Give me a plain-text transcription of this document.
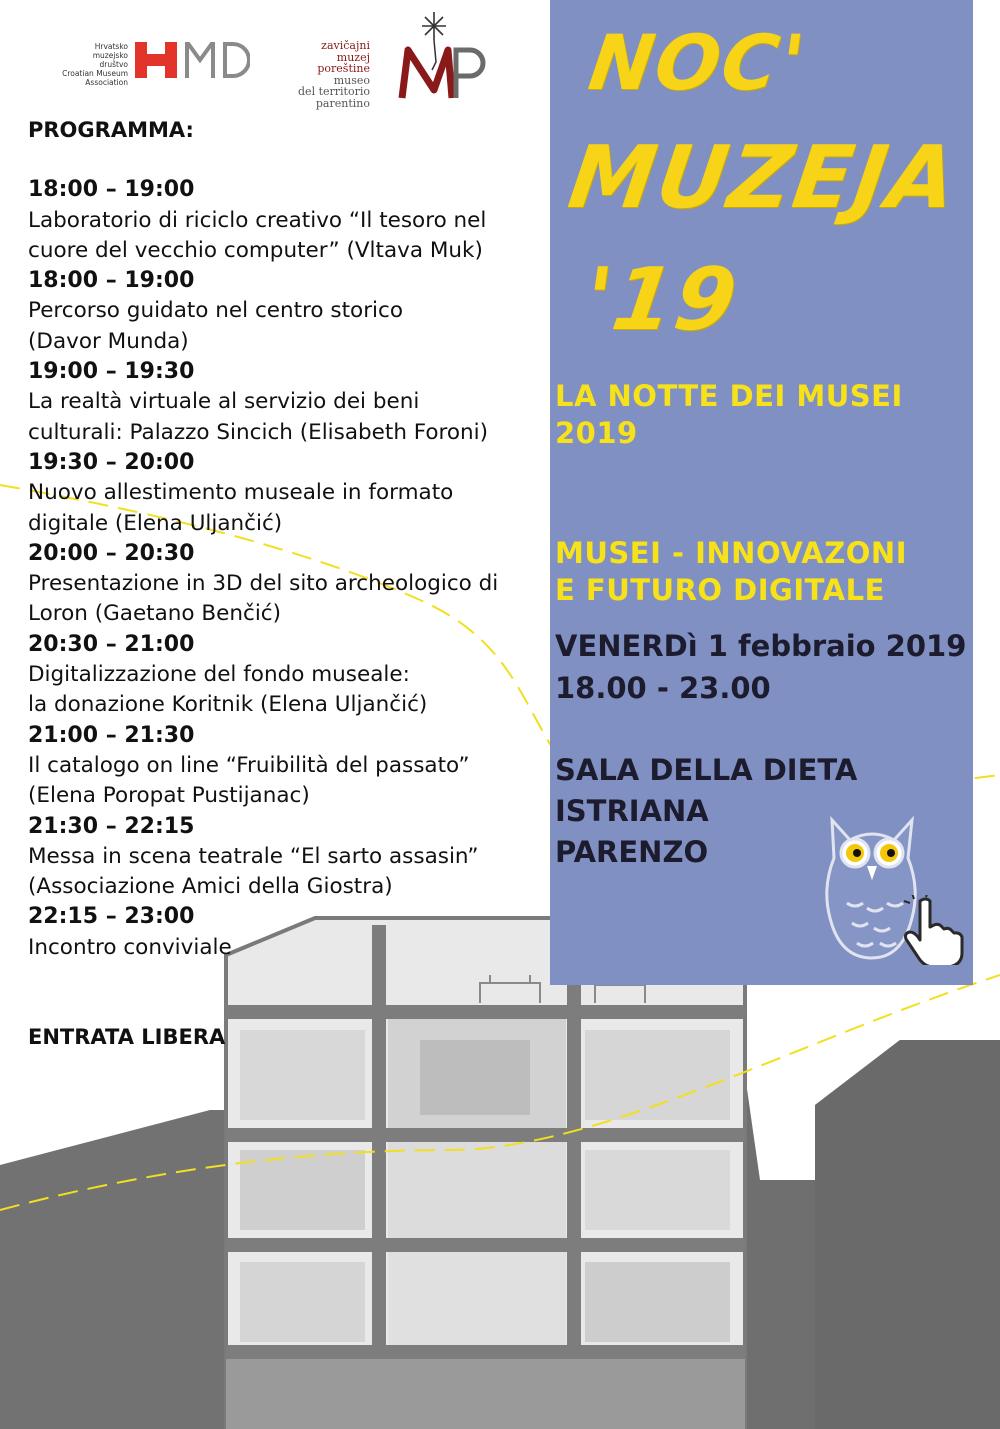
Hrvatsko
muzejsko društvo
Croatian Museum
Association
zavičajni
muzej
poreštine
museo
del territorio
parentino
PROGRAMMA:
18:00 – 19:00
Laboratorio di riciclo creativo “Il tesoro nel
cuore del vecchio computer” (Vltava Muk)
18:00 – 19:00
Percorso guidato nel centro storico
(Davor Munda)
19:00 – 19:30
La realtà virtuale al servizio dei beni
culturali: Palazzo Sincich (Elisabeth Foroni)
19:30 – 20:00
Nuovo allestimento museale in formato
digitale (Elena Uljančić)
20:00 – 20:30
Presentazione in 3D del sito archeologico di
Loron (Gaetano Benčić)
20:30 – 21:00
Digitalizzazione del fondo museale:
la donazione Koritnik (Elena Uljančić)
21:00 – 21:30
Il catalogo on line “Fruibilità del passato”
(Elena Poropat Pustijanac)
21:30 – 22:15
Messa in scena teatrale “El sarto assasin”
(Associazione Amici della Giostra)
22:15 – 23:00
Incontro conviviale
ENTRATA LIBERA
NOC'
MUZEJA
'19
LA NOTTE DEI MUSEI
2019
MUSEI - INNOVAZONI
E FUTURO DIGITALE
VENERDì 1 febbraio 2019
18.00 - 23.00
SALA DELLA DIETA
ISTRIANA
PARENZO
